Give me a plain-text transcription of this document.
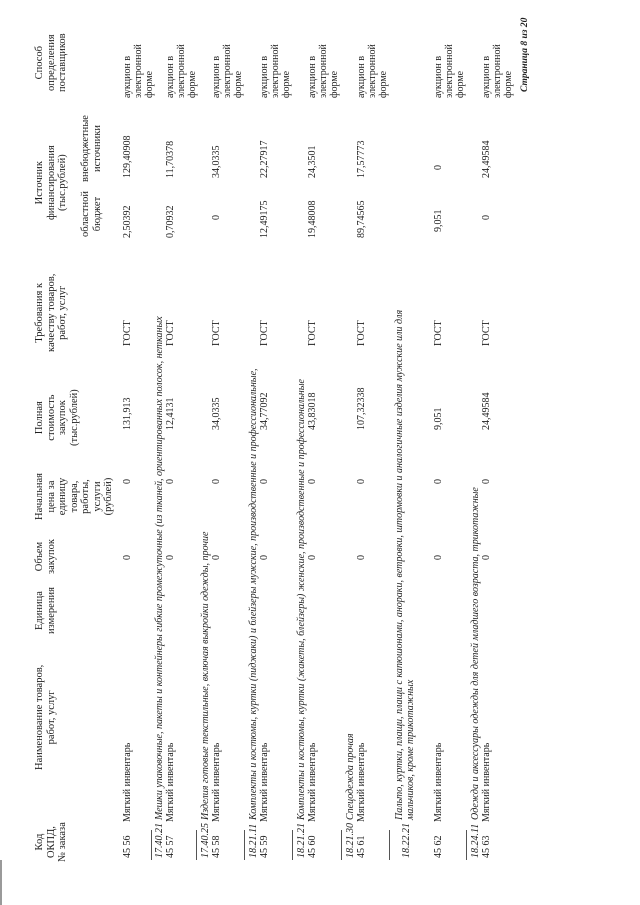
Код
ОКПД,
№ заказа
Наименование товаров,
работ, услуг
Единица
измерения
Объем
закупок
Начальная
цена за
единицу
товара,
работы,
услуги
(рублей)
Полная
стоимость
закупок
(тыс.рублей)
Требования к
качеству товаров,
работ, услуг
Источник
финансирования
(тыс.рублей)
областной
бюджет
внебюджетные
источники
Способ
определения
поставщиков
45 56
Мягкий инвентарь
0
0
131,913
ГОСТ
2,50392
129,40908
аукцион в
электронной
форме
17.40.21
Мешки упаковочные, пакеты и контейнеры гибкие промежуточные (из тканей, ориентированных полосок, нетканых
45 57
Мягкий инвентарь
0
0
12,4131
ГОСТ
0,70932
11,70378
аукцион в
электронной
форме
17.40.25
Изделия готовые текстильные, включая выкройки одежды, прочие
45 58
Мягкий инвентарь
0
0
34,0335
ГОСТ
0
34,0335
аукцион в
электронной
форме
18.21.11
Комплекты и костюмы, куртки (пиджаки) и блейзеры мужские, производственные и профессиональные,
45 59
Мягкий инвентарь
0
0
34,77092
ГОСТ
12,49175
22,27917
аукцион в
электронной
форме
18.21.21
Комплекты и костюмы, куртки (жакеты, блейзеры) женские, производственные и профессиональные
45 60
Мягкий инвентарь
0
0
43,83018
ГОСТ
19,48008
24,3501
аукцион в
электронной
форме
18.21.30
Спецодежда прочая
45 61
Мягкий инвентарь
0
0
107,32338
ГОСТ
89,74565
17,57773
аукцион в
электронной
форме
18.22.21
Пальто, куртки, плащи, плащи с капюшонами, анораки, ветровки, штормовки и аналогичные изделия мужские или для
мальчиков, кроме трикотажных
45 62
Мягкий инвентарь
0
0
9,051
ГОСТ
9,051
0
аукцион в
электронной
форме
18.24.11
Одежда и аксессуары одежды для детей младшего возраста, трикотажные
45 63
Мягкий инвентарь
0
0
24,49584
ГОСТ
0
24,49584
аукцион в
электронной
форме Страница 8 из 20
